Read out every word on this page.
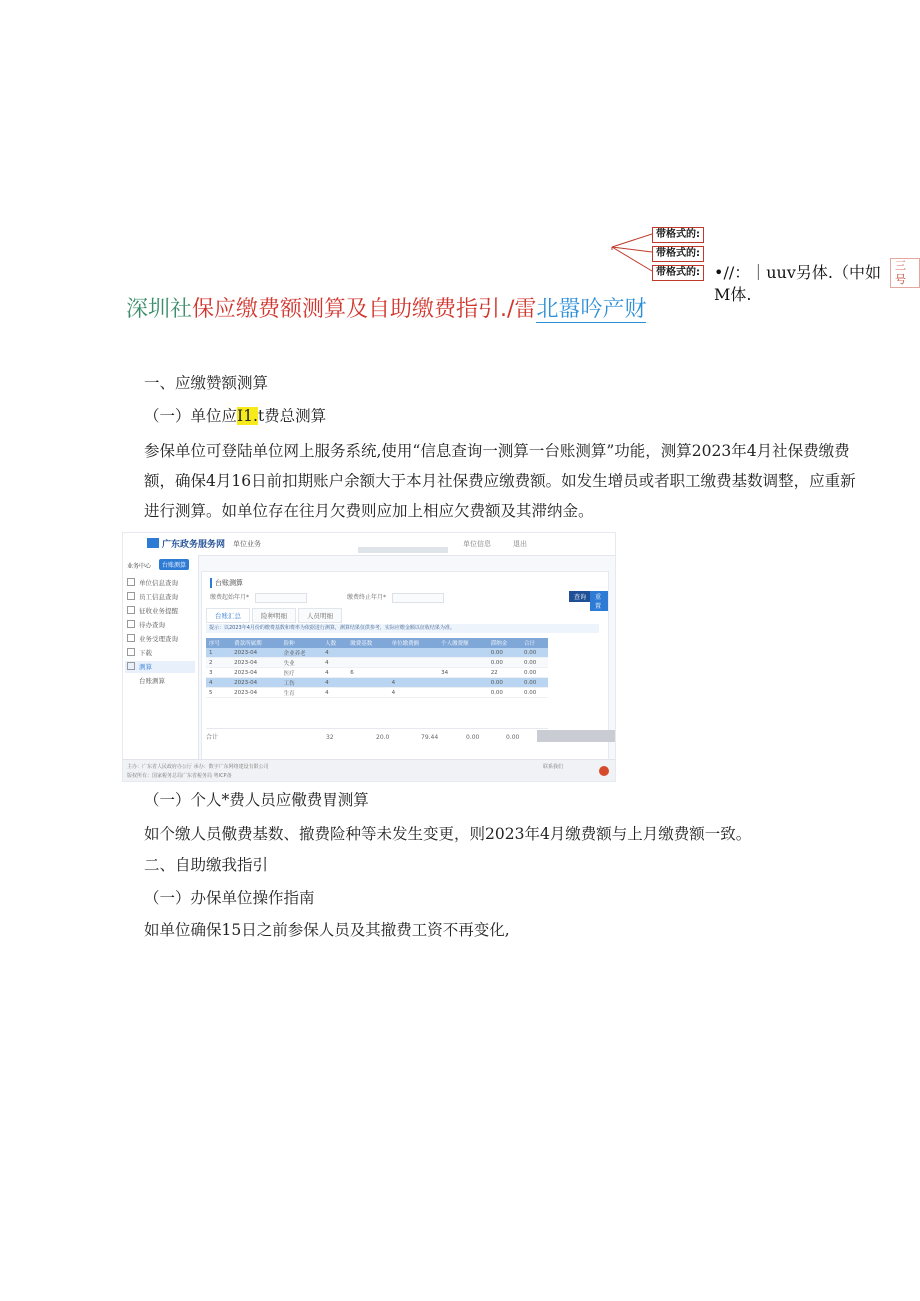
带格式的:
带格式的:
带格式的: •//：｜uuv另体.（中如
M体.
三号
深圳社保应缴费额测算及自助缴费指引./雷北嚣吟产财
一、应缴赞额测算
（一）单位应I1.t费总测算
参保单位可登陆单位网上服务系统,使用“信息查询一测算一台账测算”功能，测算2023年4月社保费缴费额，确保4月16日前扣期账户余额大于本月社保费应缴费额。如发生增员或者职工缴费基数调整，应重新进行测算。如单位存在往月欠费则应加上相应欠费额及其滞纳金。
广东政务服务网 单位业务	单位信息	退出
业务中心	台账测算
单位信息查询
员工信息查询
征收业务提醒
待办查询
业务受理查询
下载
测算
台账测算
台账测算
缴费起始年月*	缴费终止年月*	查询	重置
台账汇总	险种明细	人员明细
提示：以2023年4月份的缴费基数和费率为依据进行测算，测算结果仅供参考，实际应缴金额以征收结果为准。
序号	费款所属期	险种	人数	缴费基数	单位缴费额	个人缴费额	滞纳金	合计
1	2023-04	企业养老	4				0.00	0.00
2	2023-04	失业	4				0.00	0.00
3	2023-04	医疗	4	6		34	22	0.00
4	2023-04	工伤	4		4		0.00	0.00
5	2023-04	生育	4		4		0.00	0.00
合计	32	20.0	79.44	0.00	0.00
主办：广东省人民政府办公厅 承办：数字广东网络建设有限公司
版权所有：国家税务总局广东省税务局 粤ICP备
联系我们
（一）个人*费人员应儆费胃测算
如个缴人员儆费基数、撤费险种等未发生变更，则2023年4月缴费额与上月缴费额一致。
二、自助缴我指引
（一）办保单位操作指南
如单位确保15日之前参保人员及其撤费工资不再变化,
